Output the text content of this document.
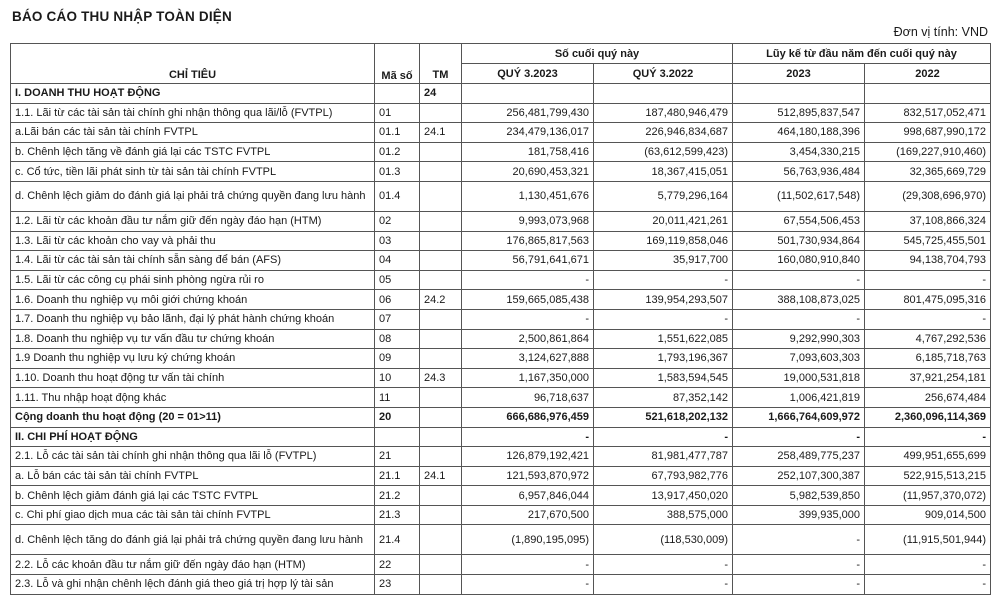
BÁO CÁO THU NHẬP TOÀN DIỆN
Đơn vị tính: VND
CHỈ TIÊU	Mã số	TM	Số cuối quý này		Lũy kế từ đầu năm đến cuối quý này	
			QUÝ 3.2023	QUÝ 3.2022	2023	2022
I. DOANH THU HOẠT ĐỘNG		24				
1.1. Lãi từ các tài sản tài chính ghi nhận thông qua lãi/lỗ (FVTPL)	01		256,481,799,430	187,480,946,479	512,895,837,547	832,517,052,471
a.Lãi bán các tài sản tài chính FVTPL	01.1	24.1	234,479,136,017	226,946,834,687	464,180,188,396	998,687,990,172
b. Chênh lệch tăng về đánh giá lại các TSTC FVTPL	01.2		181,758,416	(63,612,599,423)	3,454,330,215	(169,227,910,460)
c. Cổ tức, tiền lãi phát sinh từ tài sản tài chính FVTPL	01.3		20,690,453,321	18,367,415,051	56,763,936,484	32,365,669,729
d. Chênh lệch giảm do đánh giá lại phải trả chứng quyền đang lưu hành	01.4		1,130,451,676	5,779,296,164	(11,502,617,548)	(29,308,696,970)
1.2. Lãi từ các khoản đầu tư nắm giữ đến ngày đáo hạn (HTM)	02		9,993,073,968	20,011,421,261	67,554,506,453	37,108,866,324
1.3. Lãi từ các khoản cho vay và phải thu	03		176,865,817,563	169,119,858,046	501,730,934,864	545,725,455,501
1.4. Lãi từ các tài sản tài chính sẵn sàng để bán (AFS)	04		56,791,641,671	35,917,700	160,080,910,840	94,138,704,793
1.5. Lãi từ các công cụ phái sinh phòng ngừa rủi ro	05		-	-	-	-
1.6. Doanh thu nghiệp vụ môi giới chứng khoán	06	24.2	159,665,085,438	139,954,293,507	388,108,873,025	801,475,095,316
1.7. Doanh thu nghiệp vụ bảo lãnh, đại lý phát hành chứng khoán	07		-	-	-	-
1.8. Doanh thu nghiệp vụ tư vấn đầu tư chứng khoán	08		2,500,861,864	1,551,622,085	9,292,990,303	4,767,292,536
1.9 Doanh thu nghiệp vụ lưu ký chứng khoán	09		3,124,627,888	1,793,196,367	7,093,603,303	6,185,718,763
1.10. Doanh thu hoạt động tư vấn tài chính	10	24.3	1,167,350,000	1,583,594,545	19,000,531,818	37,921,254,181
1.11. Thu nhập hoạt động khác	11		96,718,637	87,352,142	1,006,421,819	256,674,484
Cộng doanh thu hoạt động (20 = 01>11)	20		666,686,976,459	521,618,202,132	1,666,764,609,972	2,360,096,114,369
II. CHI PHÍ HOẠT ĐỘNG			-	-	-	-
2.1. Lỗ các tài sản tài chính ghi nhận thông qua lãi lỗ (FVTPL)	21		126,879,192,421	81,981,477,787	258,489,775,237	499,951,655,699
a. Lỗ bán các tài sản tài chính FVTPL	21.1	24.1	121,593,870,972	67,793,982,776	252,107,300,387	522,915,513,215
b. Chênh lệch giảm đánh giá lại các TSTC FVTPL	21.2		6,957,846,044	13,917,450,020	5,982,539,850	(11,957,370,072)
c. Chi phí giao dịch mua các tài sản tài chính FVTPL	21.3		217,670,500	388,575,000	399,935,000	909,014,500
d. Chênh lệch tăng do đánh giá lại phải trả chứng quyền đang lưu hành	21.4		(1,890,195,095)	(118,530,009)	-	(11,915,501,944)
2.2. Lỗ các khoản đầu tư nắm giữ đến ngày đáo hạn (HTM)	22		-	-	-	-
2.3. Lỗ và ghi nhận chênh lệch đánh giá theo giá trị hợp lý tài sản	23		-	-	-	-
